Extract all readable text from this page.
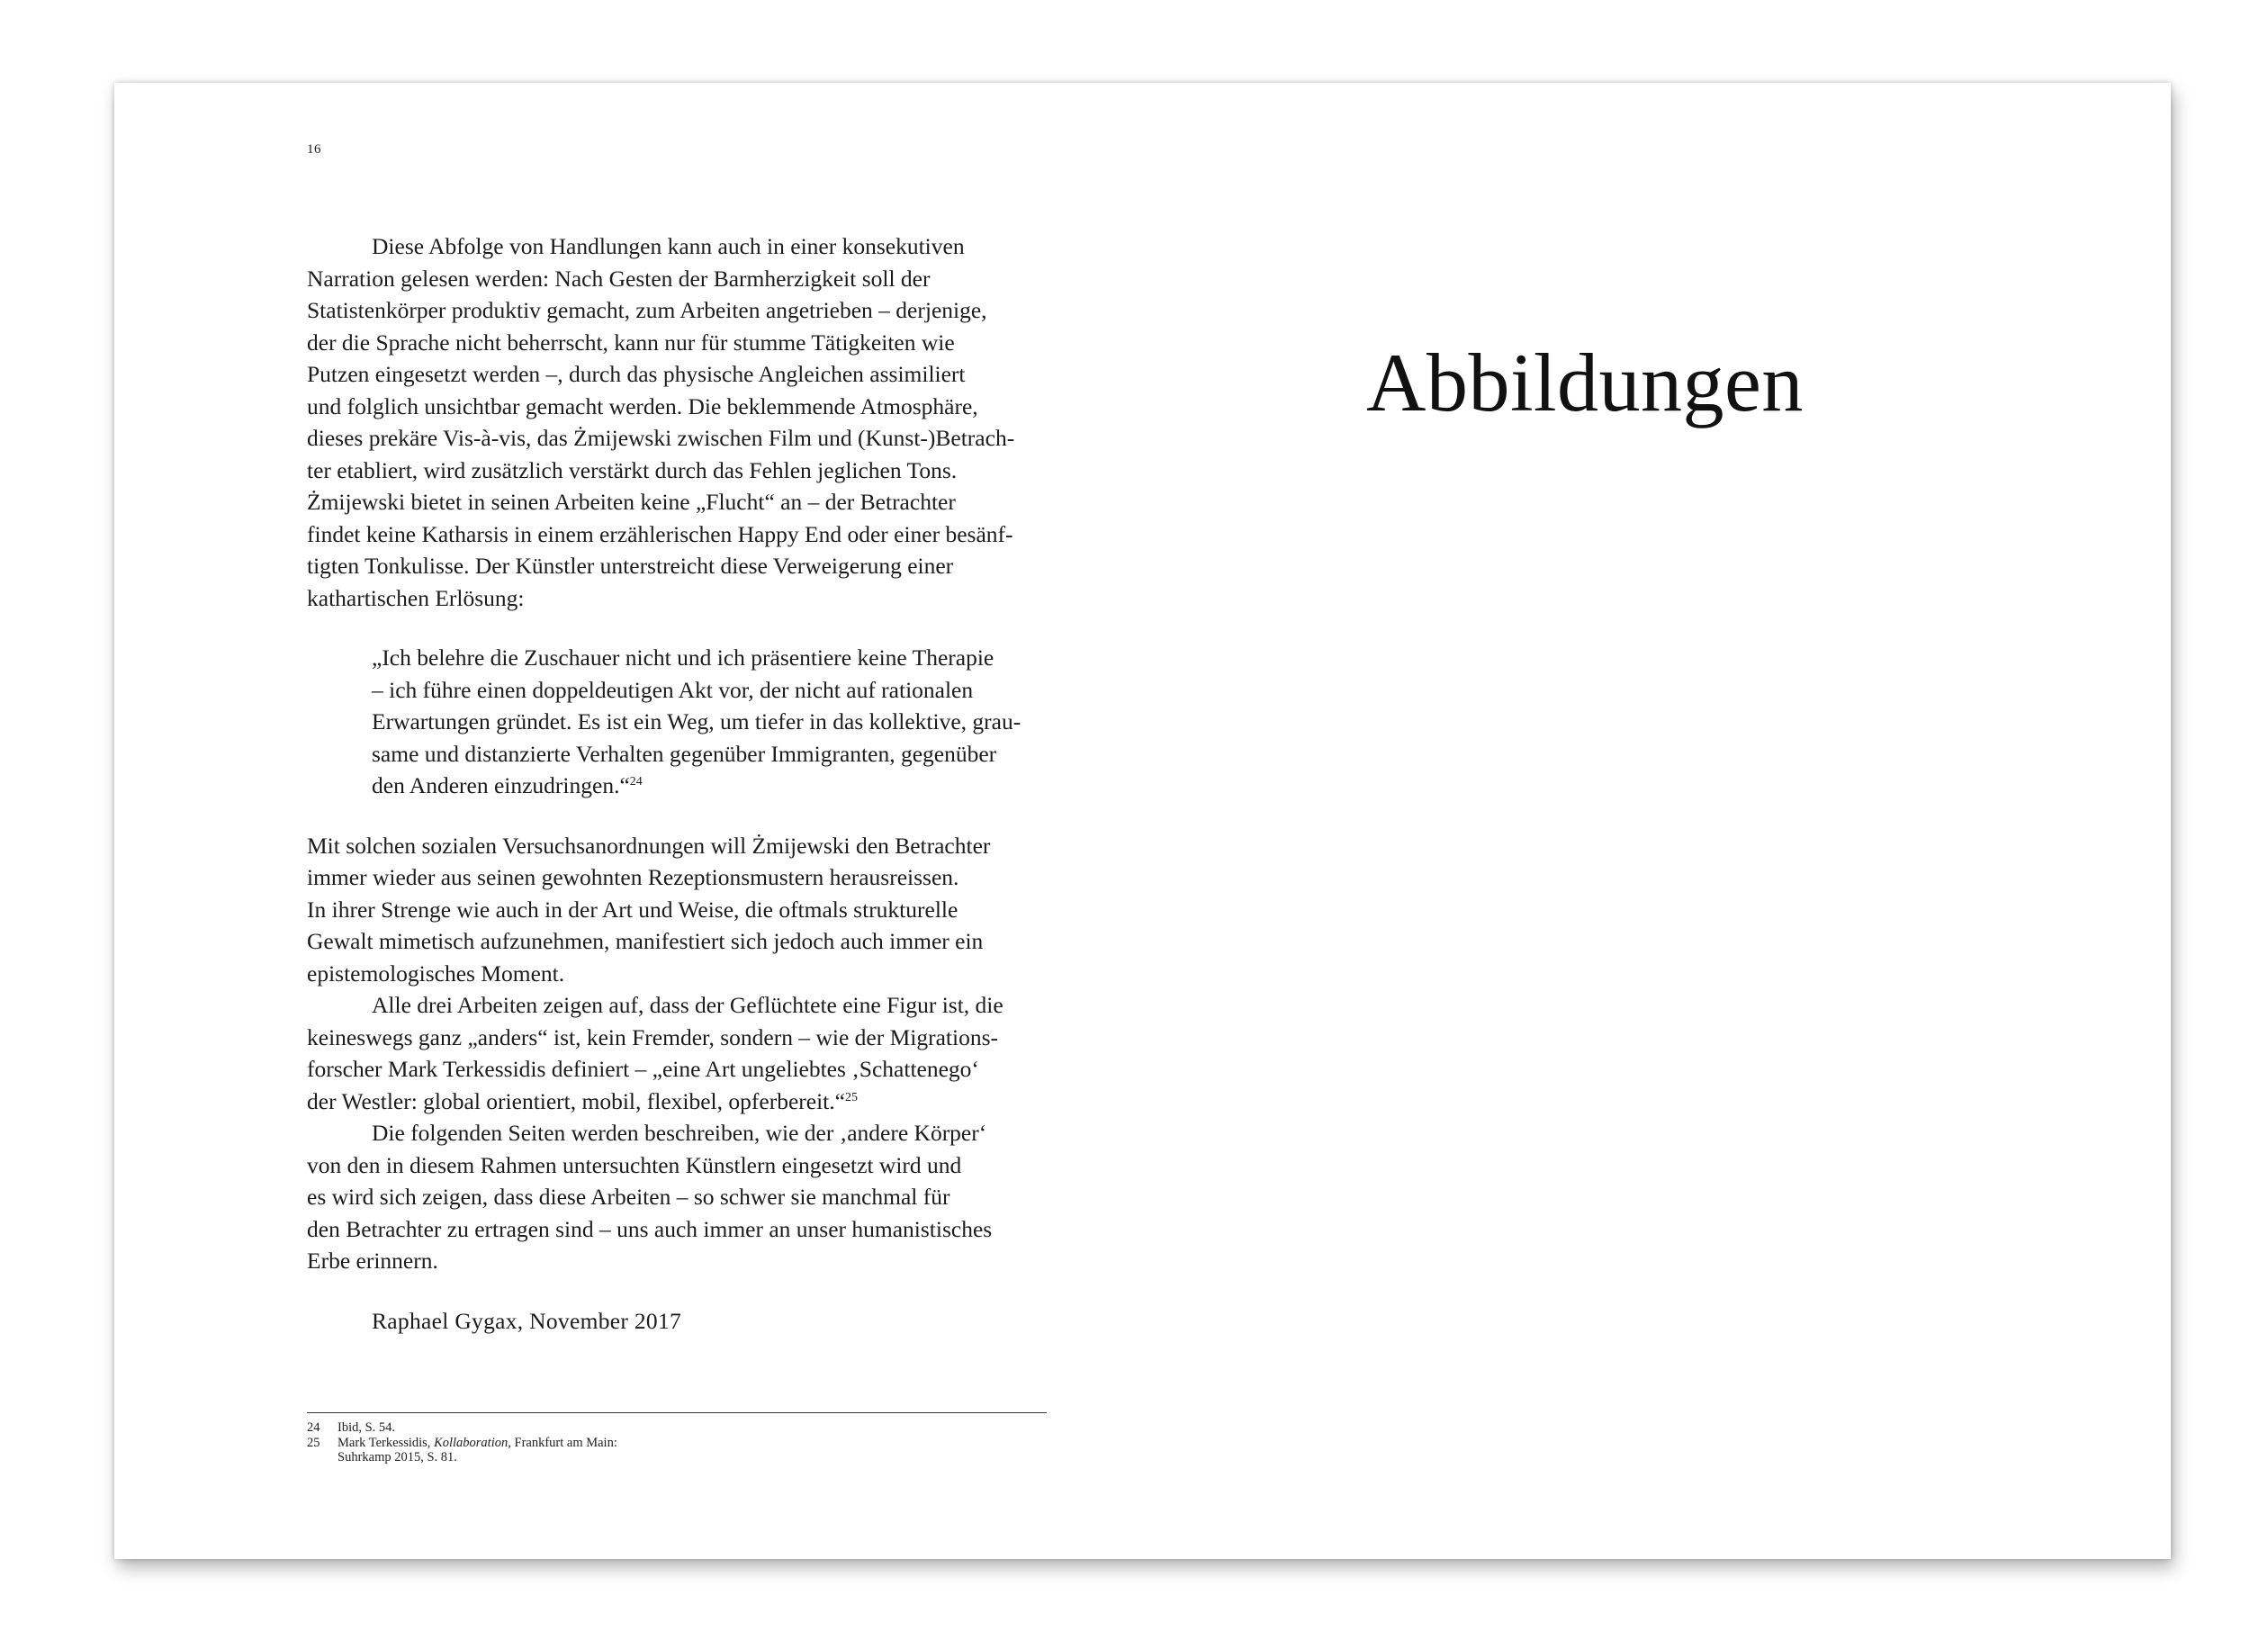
16
Diese Abfolge von Handlungen kann auch in einer konsekutiven
Narration gelesen werden: Nach Gesten der Barmherzigkeit soll der
Statistenkörper produktiv gemacht, zum Arbeiten angetrieben – derjenige,
der die Sprache nicht beherrscht, kann nur für stumme Tätigkeiten wie
Putzen eingesetzt werden –, durch das physische Angleichen assimiliert
und folglich unsichtbar gemacht werden. Die beklemmende Atmosphäre,
dieses prekäre Vis-à-vis, das Żmijewski zwischen Film und (Kunst-)Betrach-
ter etabliert, wird zusätzlich verstärkt durch das Fehlen jeglichen Tons.
Żmijewski bietet in seinen Arbeiten keine „Flucht“ an – der Betrachter
findet keine Katharsis in einem erzählerischen Happy End oder einer besänf-
tigten Tonkulisse. Der Künstler unterstreicht diese Verweigerung einer
kathartischen Erlösung:
„Ich belehre die Zuschauer nicht und ich präsentiere keine Therapie
– ich führe einen doppeldeutigen Akt vor, der nicht auf rationalen
Erwartungen gründet. Es ist ein Weg, um tiefer in das kollektive, grau-
same und distanzierte Verhalten gegenüber Immigranten, gegenüber
den Anderen einzudringen.“$^{24}$
Mit solchen sozialen Versuchsanordnungen will Żmijewski den Betrachter
immer wieder aus seinen gewohnten Rezeptionsmustern herausreissen.
In ihrer Strenge wie auch in der Art und Weise, die oftmals strukturelle
Gewalt mimetisch aufzunehmen, manifestiert sich jedoch auch immer ein
epistemologisches Moment.
Alle drei Arbeiten zeigen auf, dass der Geflüchtete eine Figur ist, die
keineswegs ganz „anders“ ist, kein Fremder, sondern – wie der Migrations-
forscher Mark Terkessidis definiert – „eine Art ungeliebtes ‚Schattenego‘
der Westler: global orientiert, mobil, flexibel, opferbereit.“$^{25}$
Die folgenden Seiten werden beschreiben, wie der ‚andere Körper‘
von den in diesem Rahmen untersuchten Künstlern eingesetzt wird und
es wird sich zeigen, dass diese Arbeiten – so schwer sie manchmal für
den Betrachter zu ertragen sind – uns auch immer an unser humanistisches
Erbe erinnern.
Raphael Gygax, November 2017
24	Ibid, S. 54.
25	Mark Terkessidis, Kollaboration, Frankfurt am Main:
Suhrkamp 2015, S. 81.
Abbildungen
